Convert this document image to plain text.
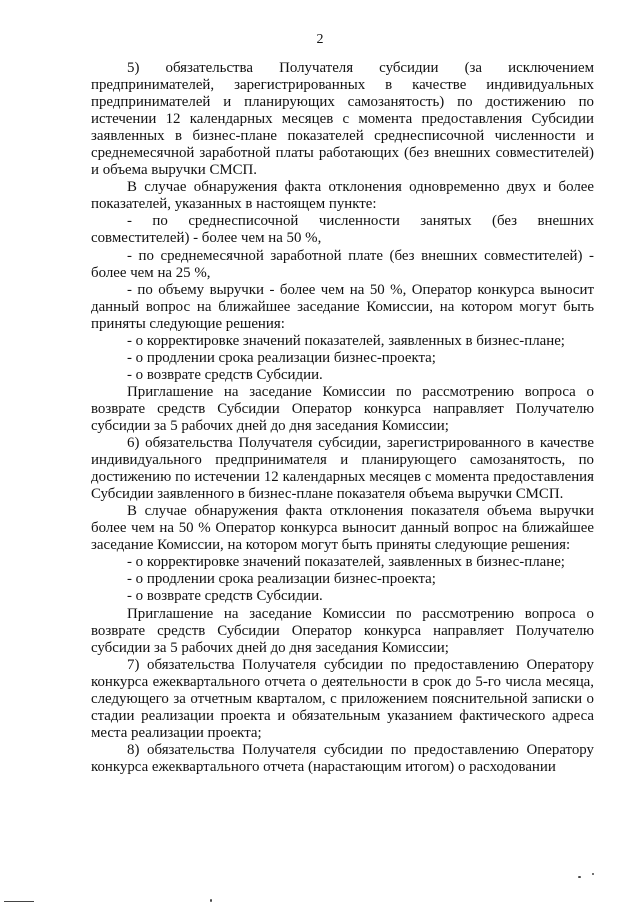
2

5) обязательства Получателя субсидии (за исключением предпринимателей, зарегистрированных в качестве индивидуальных предпринимателей и планирующих самозанятость) по достижению по истечении 12 календарных месяцев с момента предоставления Субсидии заявленных в бизнес-плане показателей среднесписочной численности и среднемесячной заработной платы работающих (без внешних совместителей) и объема выручки СМСП.

В случае обнаружения факта отклонения одновременно двух и более показателей, указанных в настоящем пункте:

- по среднесписочной численности занятых (без внешних совместителей) - более чем на 50 %,

- по среднемесячной заработной плате (без внешних совместителей) - более чем на 25 %,

- по объему выручки - более чем на 50 %, Оператор конкурса выносит данный вопрос на ближайшее заседание Комиссии, на котором могут быть приняты следующие решения:

- о корректировке значений показателей, заявленных в бизнес-плане;

- о продлении срока реализации бизнес-проекта;

- о возврате средств Субсидии.

Приглашение на заседание Комиссии по рассмотрению вопроса о возврате средств Субсидии Оператор конкурса направляет Получателю субсидии за 5 рабочих дней до дня заседания Комиссии;

6) обязательства Получателя субсидии, зарегистрированного в качестве индивидуального предпринимателя и планирующего самозанятость, по достижению по истечении 12 календарных месяцев с момента предоставления Субсидии заявленного в бизнес-плане показателя объема выручки СМСП.

В случае обнаружения факта отклонения показателя объема выручки более чем на 50 % Оператор конкурса выносит данный вопрос на ближайшее заседание Комиссии, на котором могут быть приняты следующие решения:

- о корректировке значений показателей, заявленных в бизнес-плане;

- о продлении срока реализации бизнес-проекта;

- о возврате средств Субсидии.

Приглашение на заседание Комиссии по рассмотрению вопроса о возврате средств Субсидии Оператор конкурса направляет Получателю субсидии за 5 рабочих дней до дня заседания Комиссии;

7) обязательства Получателя субсидии по предоставлению Оператору конкурса ежеквартального отчета о деятельности в срок до 5-го числа месяца, следующего за отчетным кварталом, с приложением пояснительной записки о стадии реализации проекта и обязательным указанием фактического адреса места реализации проекта;

8) обязательства Получателя субсидии по предоставлению Оператору конкурса ежеквартального отчета (нарастающим итогом) о расходовании
